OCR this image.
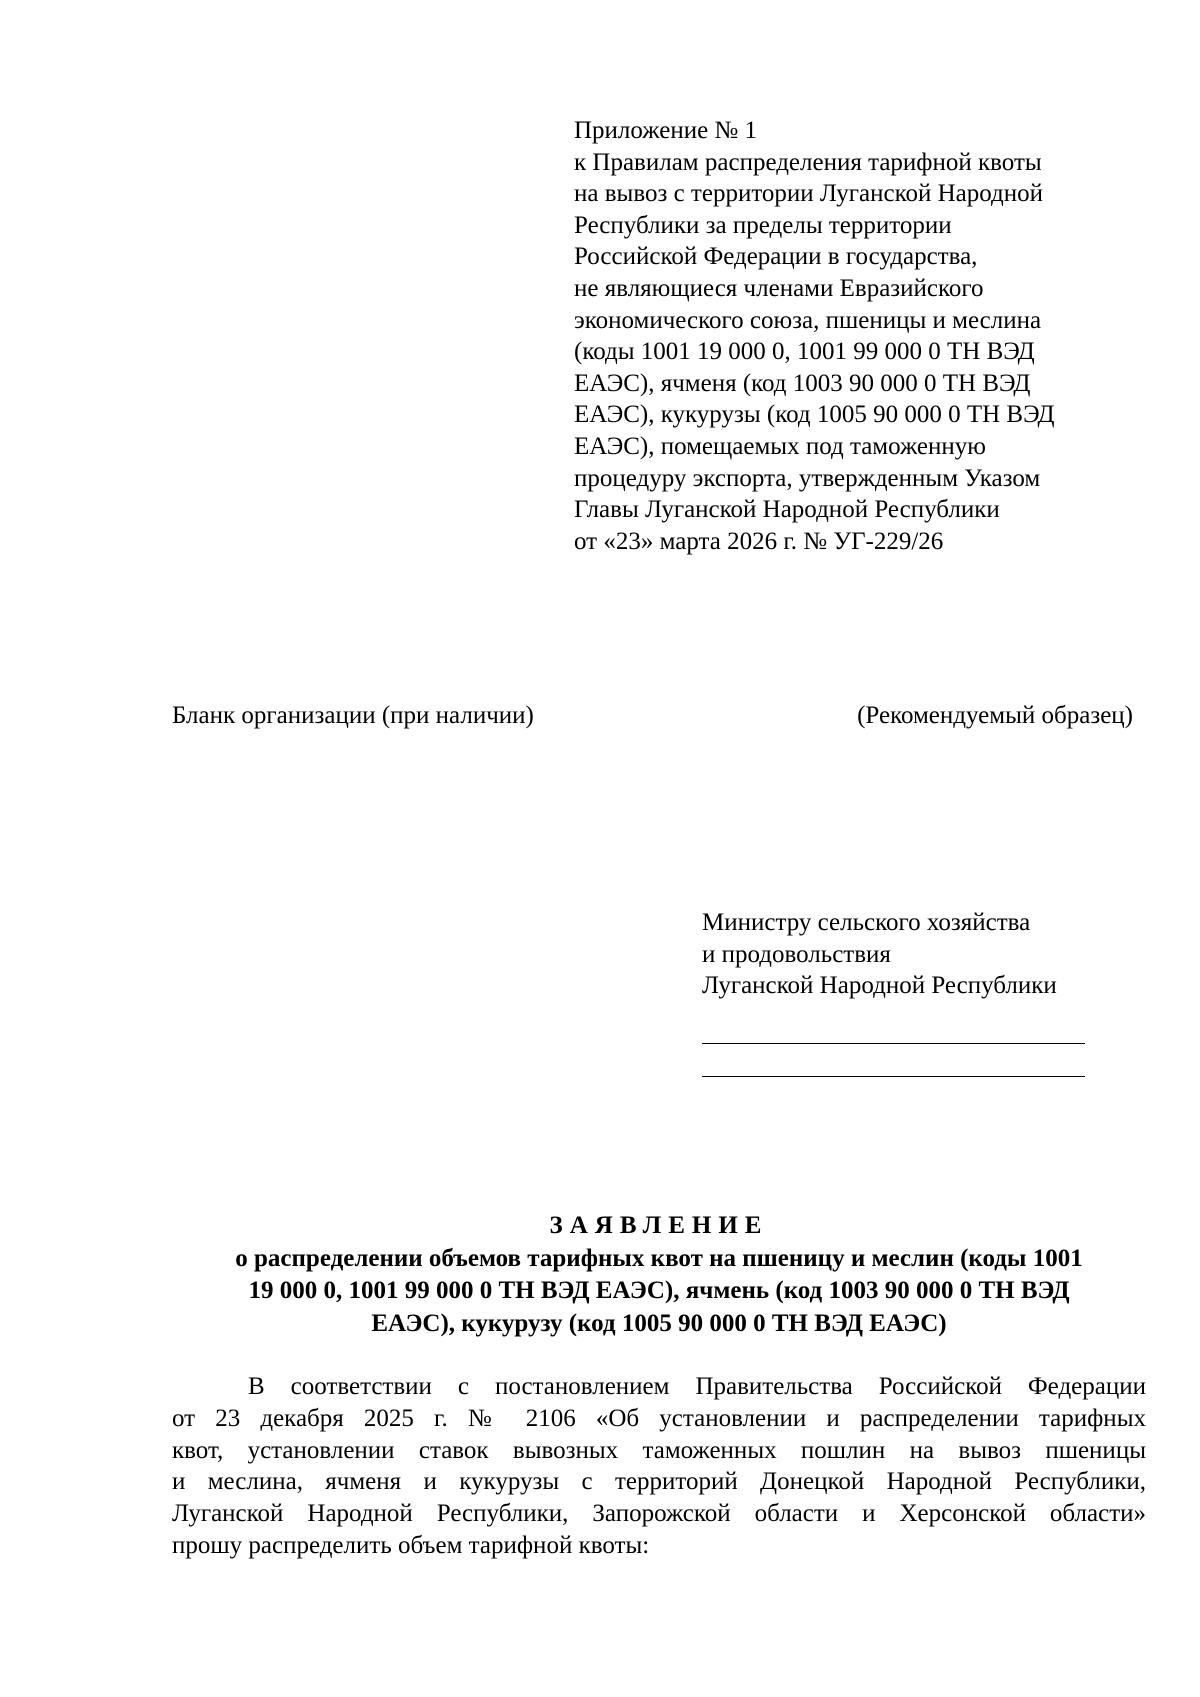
Приложение № 1
к Правилам распределения тарифной квоты
на вывоз с территории Луганской Народной
Республики за пределы территории
Российской Федерации в государства,
не являющиеся членами Евразийского
экономического союза, пшеницы и меслина
(коды 1001 19 000 0, 1001 99 000 0 ТН ВЭД
ЕАЭС), ячменя (код 1003 90 000 0 ТН ВЭД
ЕАЭС), кукурузы (код 1005 90 000 0 ТН ВЭД
ЕАЭС), помещаемых под таможенную
процедуру экспорта, утвержденным Указом
Главы Луганской Народной Республики
от «23» марта 2026 г. № УГ-229/26
Бланк организации (при наличии)	(Рекомендуемый образец)
Министру сельского хозяйства
и продовольствия
Луганской Народной Республики
ЗАЯВЛЕНИЕ
о распределении объемов тарифных квот на пшеницу и меслин (коды 1001
19 000 0, 1001 99 000 0 ТН ВЭД ЕАЭС), ячмень (код 1003 90 000 0 ТН ВЭД
ЕАЭС), кукурузу (код 1005 90 000 0 ТН ВЭД ЕАЭС)
В соответствии с постановлением Правительства Российской Федерации
от 23 декабря 2025 г. № 2106 «Об установлении и распределении тарифных
квот, установлении ставок вывозных таможенных пошлин на вывоз пшеницы
и меслина, ячменя и кукурузы с территорий Донецкой Народной Республики,
Луганской Народной Республики, Запорожской области и Херсонской области»
прошу распределить объем тарифной квоты:
